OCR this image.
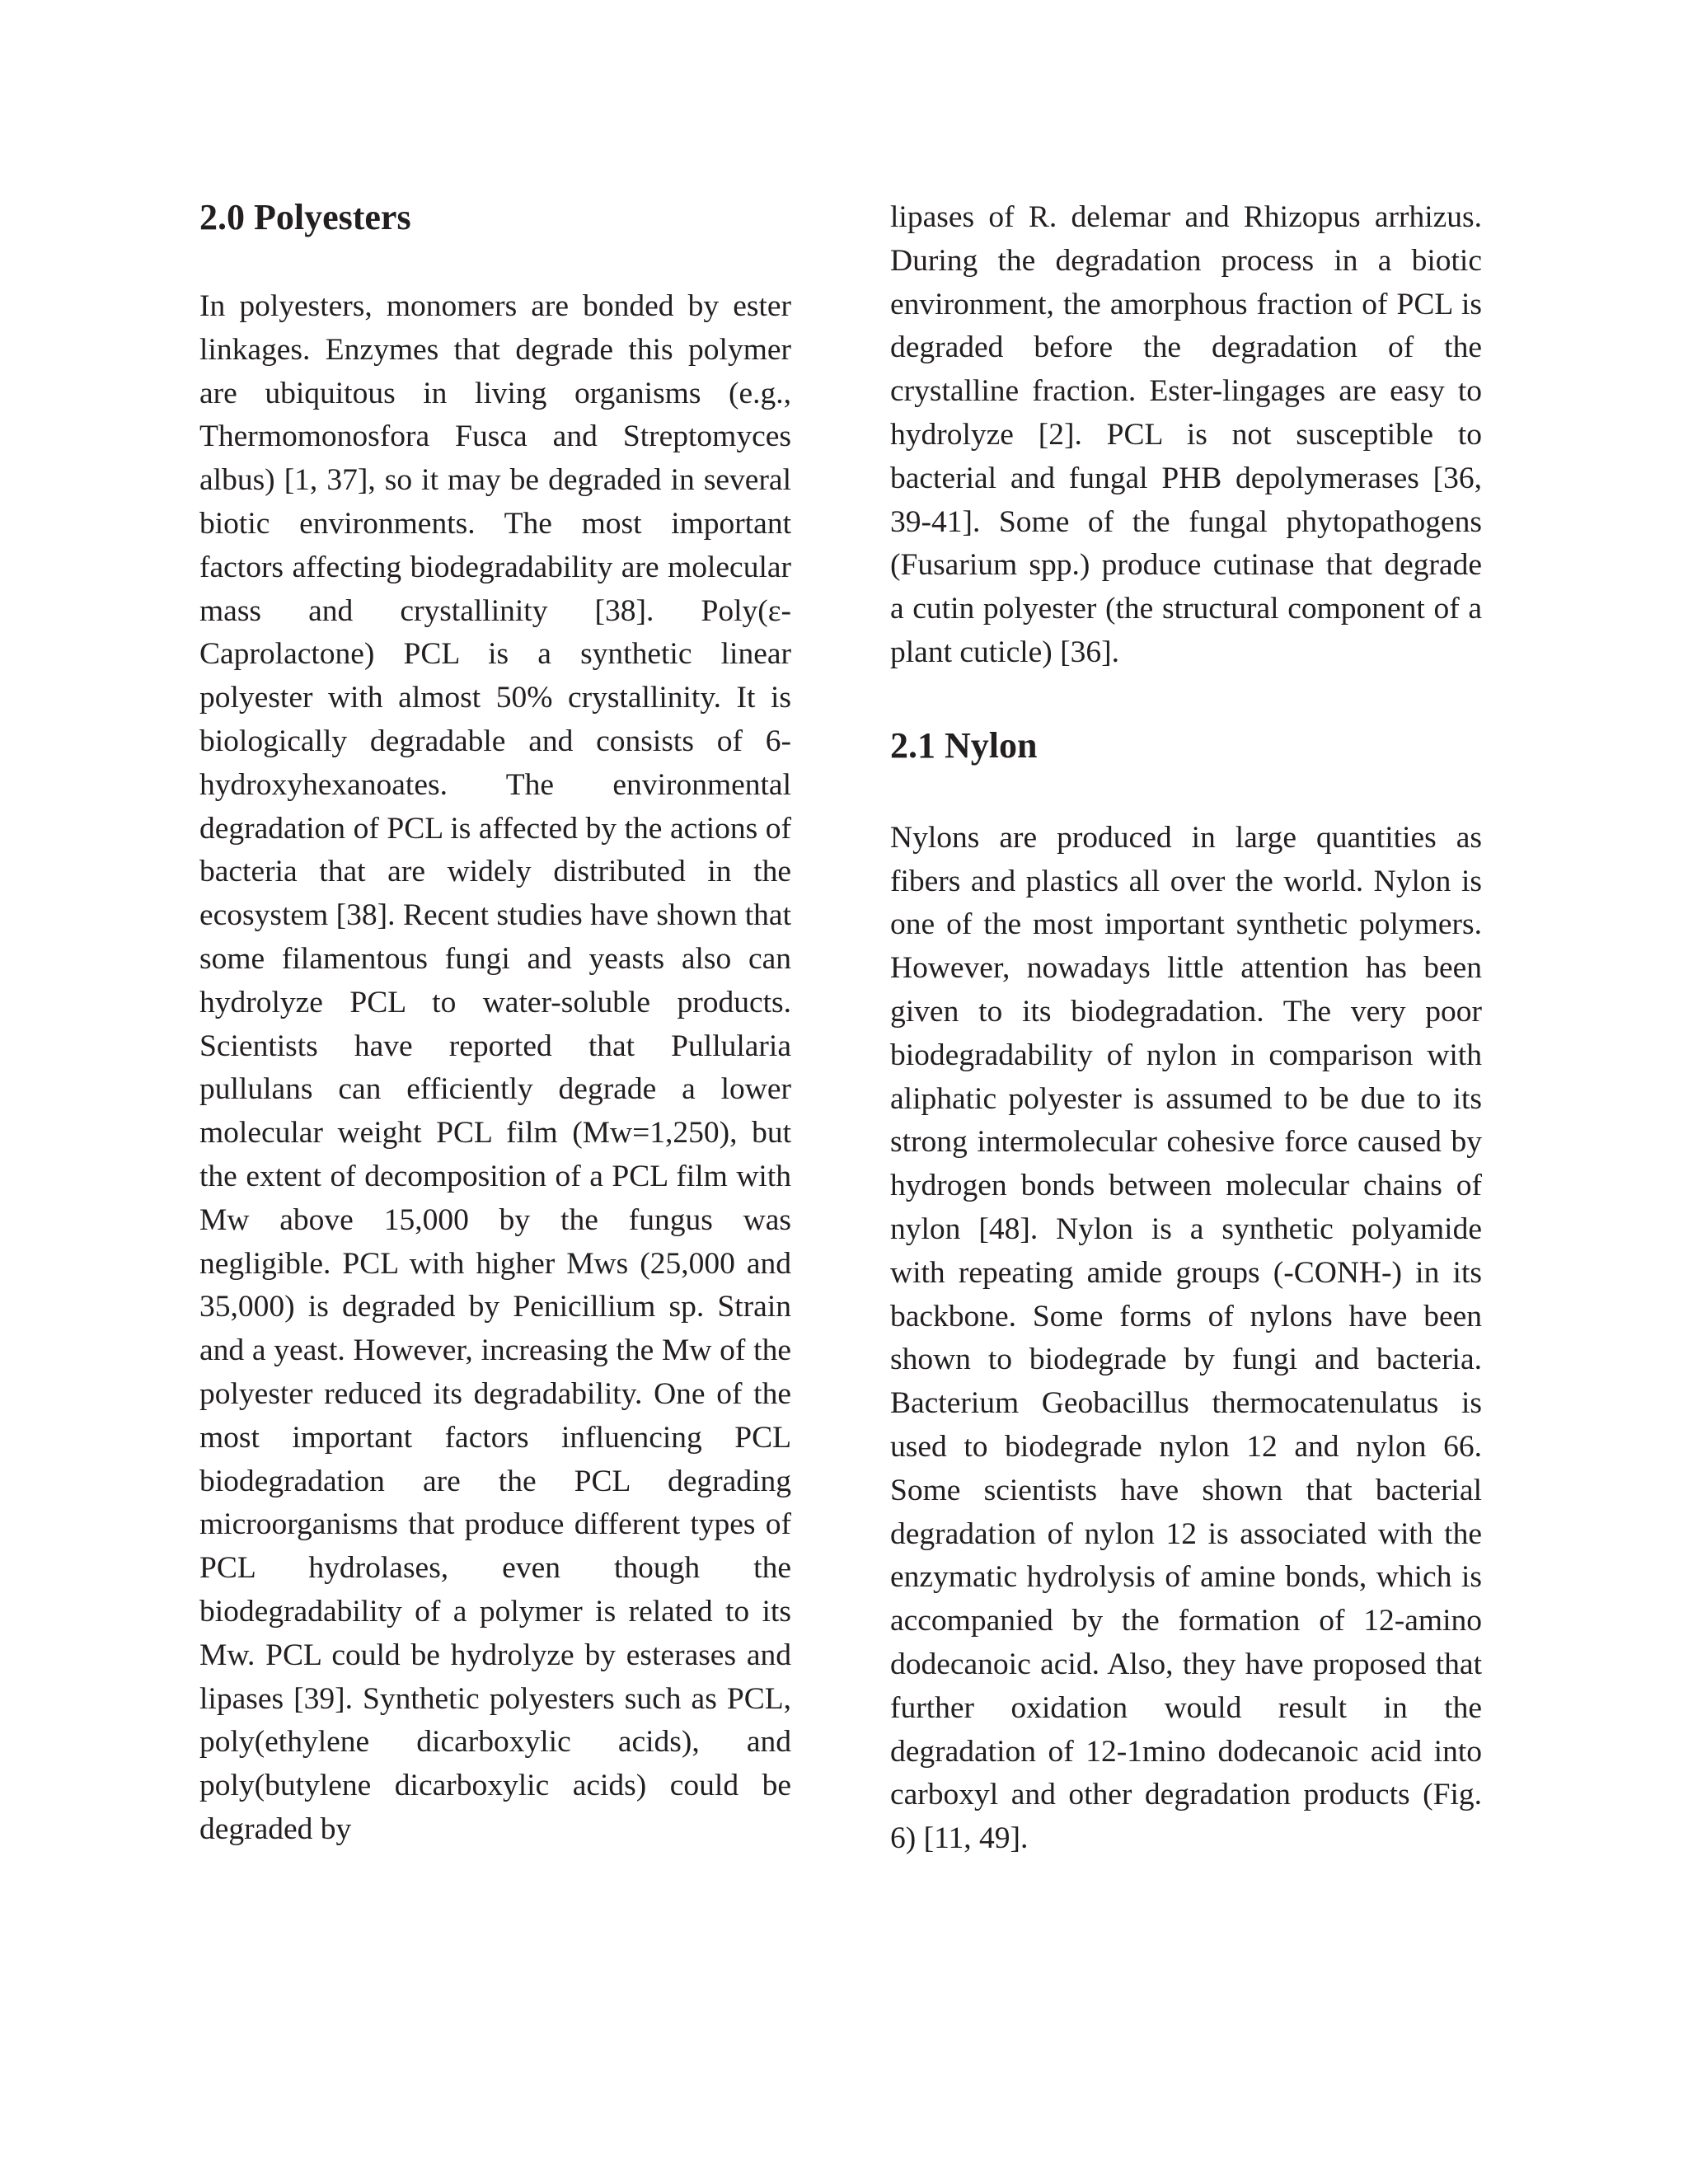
2.0 Polyesters

In polyesters, monomers are bonded by ester linkages. Enzymes that degrade this polymer are ubiquitous in living organisms (e.g., Thermomonosfora Fusca and Streptomyces albus) [1, 37], so it may be degraded in several biotic environments. The most important factors affecting biodegradability are molecular mass and crystallinity [38]. Poly(ε-Caprolactone) PCL is a synthetic linear polyester with almost 50% crystallinity. It is biologically degradable and consists of 6- hydroxyhexanoates. The environmental degradation of PCL is affected by the actions of bacteria that are widely distributed in the ecosystem [38]. Recent studies have shown that some filamentous fungi and yeasts also can hydrolyze PCL to water-soluble products. Scientists have reported that Pullularia pullulans can efficiently degrade a lower molecular weight PCL film (Mw=1,250), but the extent of decomposition of a PCL film with Mw above 15,000 by the fungus was negligible. PCL with higher Mws (25,000 and 35,000) is degraded by Penicillium sp. Strain and a yeast. However, increasing the Mw of the polyester reduced its degradability. One of the most important factors influencing PCL biodegradation are the PCL degrading microorganisms that produce different types of PCL hydrolases, even though the biodegradability of a polymer is related to its Mw. PCL could be hydrolyze by esterases and lipases [39]. Synthetic polyesters such as PCL, poly(ethylene dicarboxylic acids), and poly(butylene dicarboxylic acids) could be degraded by

lipases of R. delemar and Rhizopus arrhizus. During the degradation process in a biotic environment, the amorphous fraction of PCL is degraded before the degradation of the crystalline fraction. Ester-lingages are easy to hydrolyze [2]. PCL is not susceptible to bacterial and fungal PHB depolymerases [36, 39-41]. Some of the fungal phytopathogens (Fusarium spp.) produce cutinase that degrade a cutin polyester (the structural component of a plant cuticle) [36].

2.1 Nylon

Nylons are produced in large quantities as fibers and plastics all over the world. Nylon is one of the most important synthetic polymers. However, nowadays little attention has been given to its biodegradation. The very poor biodegradability of nylon in comparison with aliphatic polyester is assumed to be due to its strong intermolecular cohesive force caused by hydrogen bonds between molecular chains of nylon [48]. Nylon is a synthetic polyamide with repeating amide groups (-CONH-) in its backbone. Some forms of nylons have been shown to biodegrade by fungi and bacteria. Bacterium Geobacillus thermocatenulatus is used to biodegrade nylon 12 and nylon 66. Some scientists have shown that bacterial degradation of nylon 12 is associated with the enzymatic hydrolysis of amine bonds, which is accompanied by the formation of 12-amino dodecanoic acid. Also, they have proposed that further oxidation would result in the degradation of 12-1mino dodecanoic acid into carboxyl and other degradation products (Fig. 6) [11, 49].
